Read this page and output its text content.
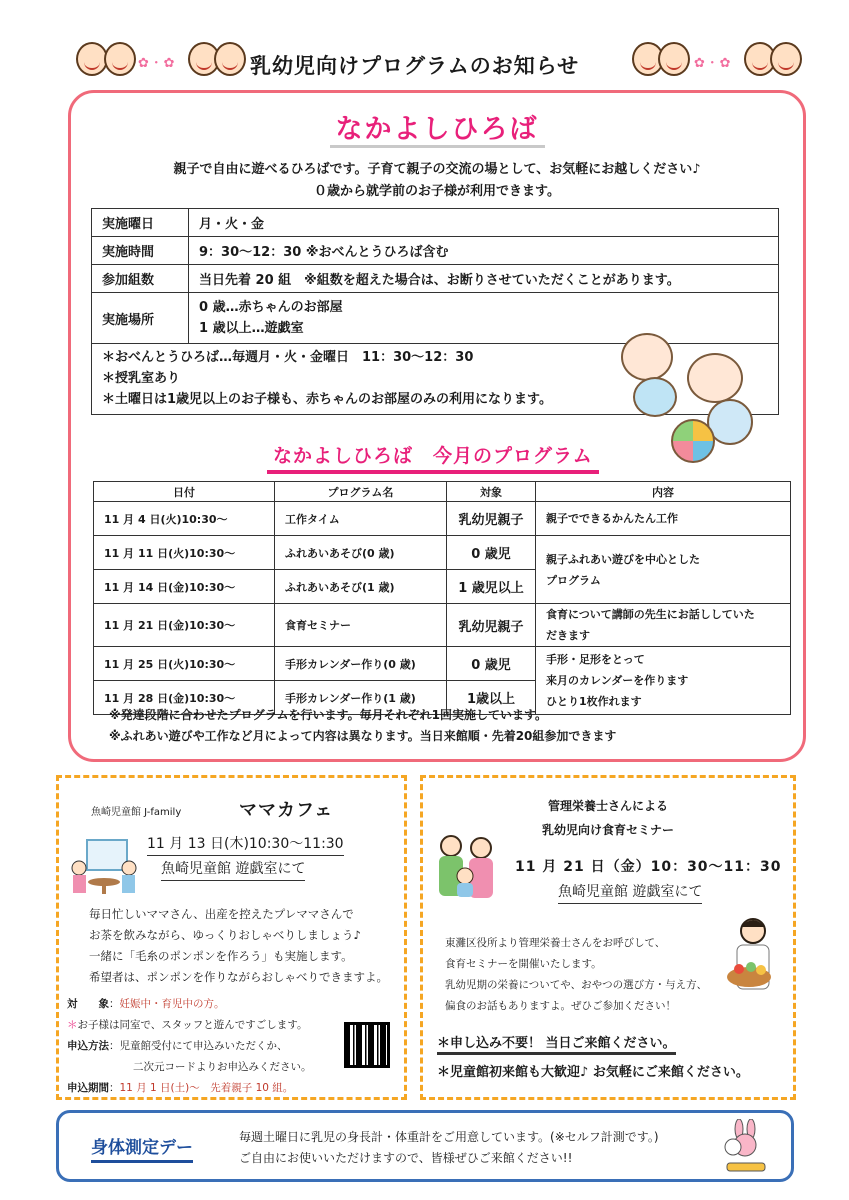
✿ ･ ✿	乳幼児向けプログラムのお知らせ	✿ ･ ✿
なかよしひろば
親子で自由に遊べるひろばです。子育て親子の交流の場として、お気軽にお越しください♪
０歳から就学前のお子様が利用できます。
実施曜日	月・火・金
実施時間	9：30～12：30 ※おべんとうひろば含む
参加組数	当日先着 20 組　※組数を超えた場合は、お断りさせていただくことがあります。
実施場所	0 歳…赤ちゃんのお部屋
1 歳以上…遊戯室
＊おべんとうひろば…毎週月・火・金曜日　11：30～12：30
＊授乳室あり
＊土曜日は1歳児以上のお子様も、赤ちゃんのお部屋のみの利用になります。
なかよしひろば　今月のプログラム
日付	プログラム名	対象	内容
11 月 4 日(火)10:30～	工作タイム	乳幼児親子	親子でできるかんたん工作
11 月 11 日(火)10:30～	ふれあいあそび(0 歳)	0 歳児	親子ふれあい遊びを中心とした
プログラム

11 月 14 日(金)10:30～	ふれあいあそび(1 歳)	1 歳児以上	
11 月 21 日(金)10:30～	食育セミナー	乳幼児親子	食育について講師の先生にお話ししていた
だきます

11 月 25 日(火)10:30～	手形カレンダー作り(0 歳)	0 歳児	手形・足形をとって
来月のカレンダーを作ります
ひとり1枚作れます

11 月 28 日(金)10:30～	手形カレンダー作り(1 歳)	1歳以上	
※発達段階に合わせたプログラムを行います。毎月それぞれ1回実施しています。
※ふれあい遊びや工作など月によって内容は異なります。当日来館順・先着20組参加できます
魚崎児童館 J-family	ママカフェ
11 月 13 日(木)10:30～11:30
魚崎児童館 遊戯室にて

毎日忙しいママさん、出産を控えたプレママさんで

お茶を飲みながら、ゆっくりおしゃべりしましょう♪

一緒に「毛糸のポンポンを作ろう」も実施します。

希望者は、ポンポンを作りながらおしゃべりできますよ。

対　　象：妊娠中・育児中の方。
＊お子様は同室で、スタッフと遊んですごします。
申込方法：児童館受付にて申込みいただくか、
二次元コードよりお申込みください。
申込期間：11 月 1 日(土)～　先着親子 10 組。
管理栄養士さんによる
乳幼児向け食育セミナー
11 月 21 日（金）10：30～11：30
魚崎児童館 遊戯室にて
東灘区役所より管理栄養士さんをお呼びして、
食育セミナーを開催いたします。
乳幼児期の栄養についてや、おやつの選び方・与え方、
偏食のお話もありますよ。ぜひご参加ください！
＊申し込み不要！ 当日ご来館ください。
＊児童館初来館も大歓迎♪ お気軽にご来館ください。
身体測定デー
毎週土曜日に乳児の身長計・体重計をご用意しています。(※セルフ計測です。)
ご自由にお使いいただけますので、皆様ぜひご来館ください!!
